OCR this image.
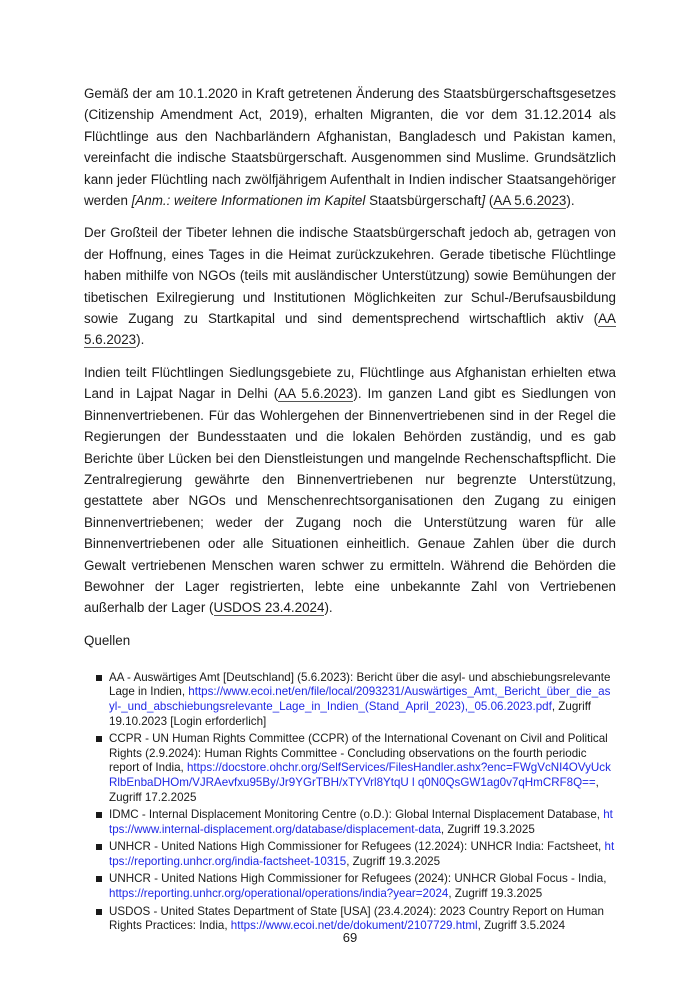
Gemäß der am 10.1.2020 in Kraft getretenen Änderung des Staatsbürgerschaftsgesetzes (Citizenship Amendment Act, 2019), erhalten Migranten, die vor dem 31.12.2014 als Flüchtlinge aus den Nachbarländern Afghanistan, Bangladesch und Pakistan kamen, vereinfacht die indische Staatsbürgerschaft. Ausgenommen sind Muslime. Grundsätzlich kann jeder Flüchtling nach zwölfjährigem Aufenthalt in Indien indischer Staatsangehöriger werden [Anm.: weitere Informationen im Kapitel Staatsbürgerschaft] (AA 5.6.2023).

Der Großteil der Tibeter lehnen die indische Staatsbürgerschaft jedoch ab, getragen von der Hoffnung, eines Tages in die Heimat zurückzukehren. Gerade tibetische Flüchtlinge haben mithilfe von NGOs (teils mit ausländischer Unterstützung) sowie Bemühungen der tibetischen Exilregierung und Institutionen Möglichkeiten zur Schul-/Berufsausbildung sowie Zugang zu Startkapital und sind dementsprechend wirtschaftlich aktiv (AA 5.6.2023).

Indien teilt Flüchtlingen Siedlungsgebiete zu, Flüchtlinge aus Afghanistan erhielten etwa Land in Lajpat Nagar in Delhi (AA 5.6.2023). Im ganzen Land gibt es Siedlungen von Binnenvertriebenen. Für das Wohlergehen der Binnenvertriebenen sind in der Regel die Regierungen der Bundesstaaten und die lokalen Behörden zuständig, und es gab Berichte über Lücken bei den Dienstleistungen und mangelnde Rechenschaftspflicht. Die Zentralregierung gewährte den Binnenvertriebenen nur begrenzte Unterstützung, gestattete aber NGOs und Menschenrechtsorganisationen den Zugang zu einigen Binnenvertriebenen; weder der Zugang noch die Unterstützung waren für alle Binnenvertriebenen oder alle Situationen einheitlich. Genaue Zahlen über die durch Gewalt vertriebenen Menschen waren schwer zu ermitteln. Während die Behörden die Bewohner der Lager registrierten, lebte eine unbekannte Zahl von Vertriebenen außerhalb der Lager (USDOS 23.4.2024).

Quellen
AA - Auswärtiges Amt [Deutschland] (5.6.2023): Bericht über die asyl- und abschiebungsrelevante Lage in Indien, https://www.ecoi.net/en/file/local/2093231/Auswärtiges_Amt,_Bericht_über_die_asyl-_und_abschiebungsrelevante_Lage_in_Indien_(Stand_April_2023),_05.06.2023.pdf, Zugriff 19.10.2023 [Login erforderlich]
CCPR - UN Human Rights Committee (CCPR) of the International Covenant on Civil and Political Rights (2.9.2024): Human Rights Committee - Concluding observations on the fourth periodic report of India, https://docstore.ohchr.org/SelfServices/FilesHandler.ashx?enc=FWgVcNI4OVyUckRlbEnbaDHOm/VJRAevfxu95By/Jr9YGrTBH/xTYVrl8YtqU l q0N0QsGW1ag0v7qHmCRF8Q==, Zugriff 17.2.2025
IDMC - Internal Displacement Monitoring Centre (o.D.): Global Internal Displacement Database, https://www.internal-displacement.org/database/displacement-data, Zugriff 19.3.2025
UNHCR - United Nations High Commissioner for Refugees (12.2024): UNHCR India: Factsheet, https://reporting.unhcr.org/india-factsheet-10315, Zugriff 19.3.2025
UNHCR - United Nations High Commissioner for Refugees (2024): UNHCR Global Focus - India, https://reporting.unhcr.org/operational/operations/india?year=2024, Zugriff 19.3.2025
USDOS - United States Department of State [USA] (23.4.2024): 2023 Country Report on Human Rights Practices: India, https://www.ecoi.net/de/dokument/2107729.html, Zugriff 3.5.2024
69
